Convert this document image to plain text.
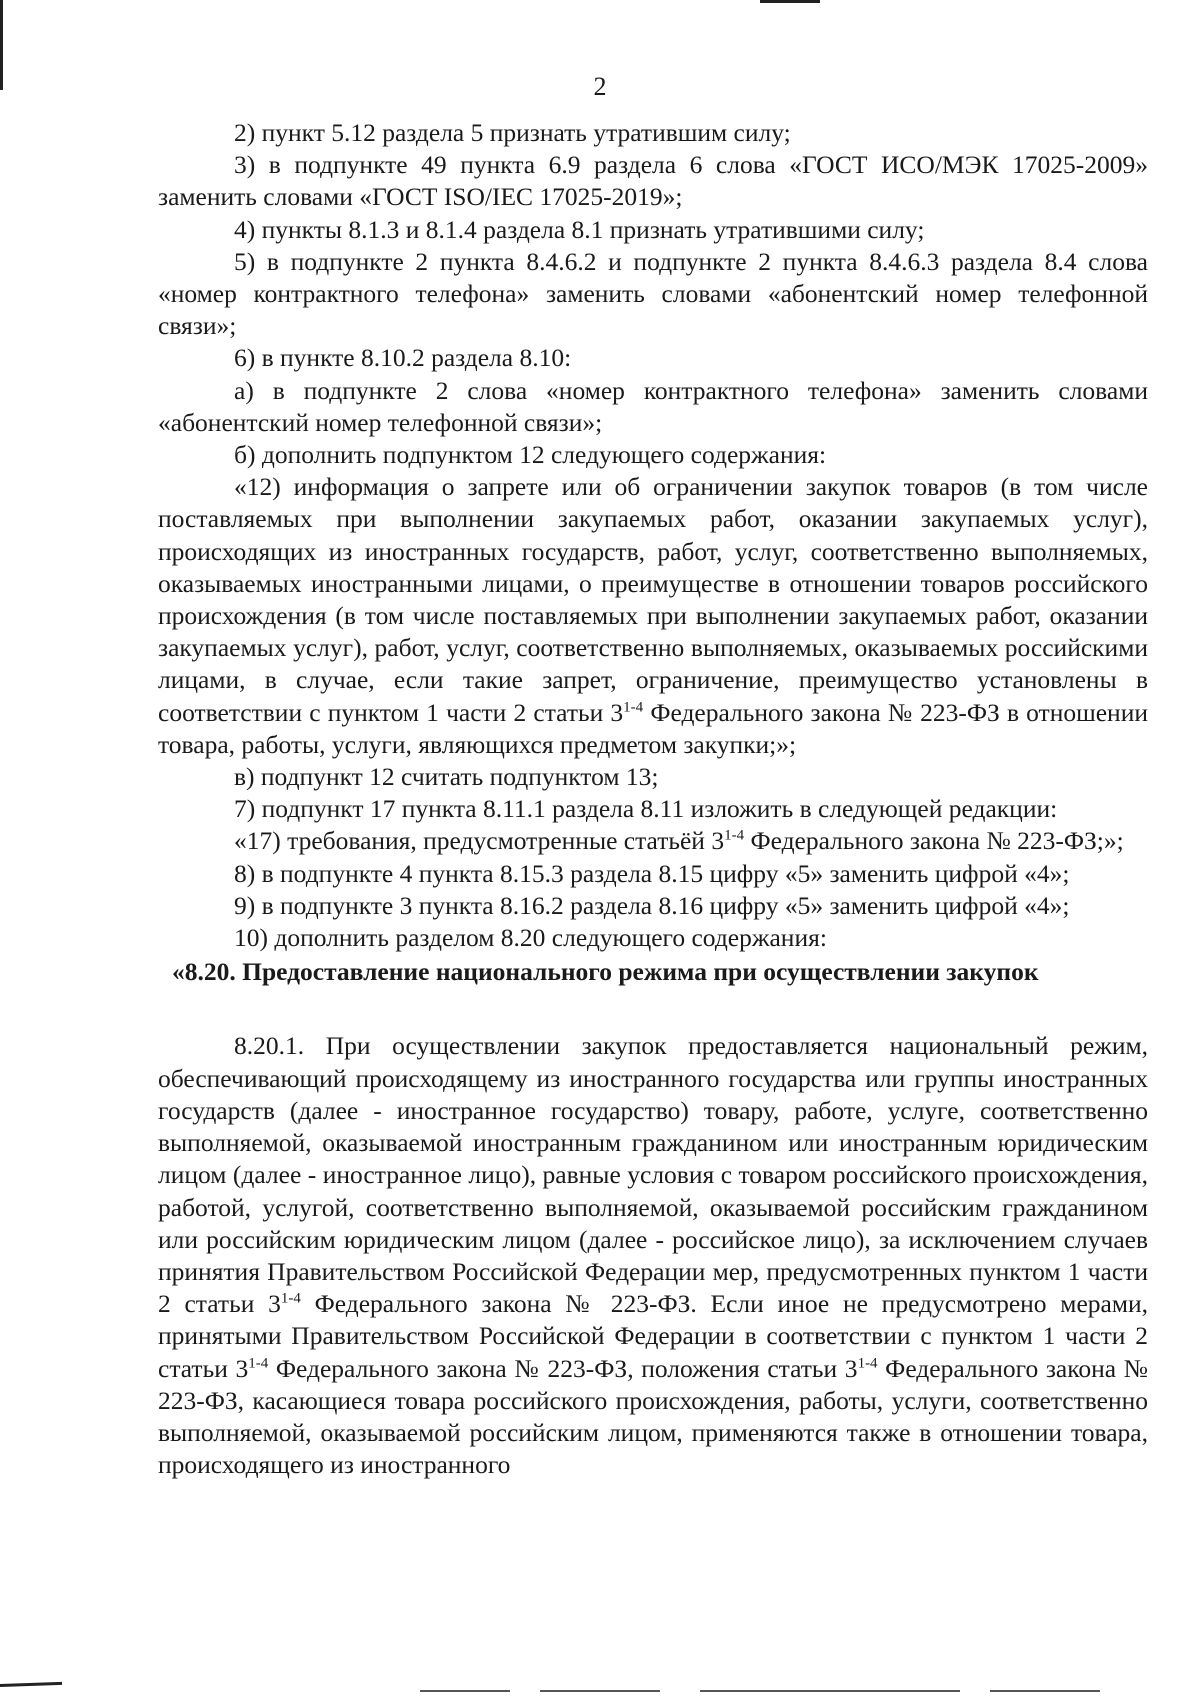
2

2) пункт 5.12 раздела 5 признать утратившим силу;

3) в подпункте 49 пункта 6.9 раздела 6 слова «ГОСТ ИСО/МЭК 17025-2009» заменить словами «ГОСТ ISO/IEC 17025-2019»;

4) пункты 8.1.3 и 8.1.4 раздела 8.1 признать утратившими силу;

5) в подпункте 2 пункта 8.4.6.2 и подпункте 2 пункта 8.4.6.3 раздела 8.4 слова «номер контрактного телефона» заменить словами «абонентский номер телефонной связи»;

6) в пункте 8.10.2 раздела 8.10:

а) в подпункте 2 слова «номер контрактного телефона» заменить словами «абонентский номер телефонной связи»;

б) дополнить подпунктом 12 следующего содержания:

«12) информация о запрете или об ограничении закупок товаров (в том числе поставляемых при выполнении закупаемых работ, оказании закупаемых услуг), происходящих из иностранных государств, работ, услуг, соответственно выполняемых, оказываемых иностранными лицами, о преимуществе в отношении товаров российского происхождения (в том числе поставляемых при выполнении закупаемых работ, оказании закупаемых услуг), работ, услуг, соответственно выполняемых, оказываемых российскими лицами, в случае, если такие запрет, ограничение, преимущество установлены в соответствии с пунктом 1 части 2 статьи 3$^{1-4}$ Федерального закона № 223-ФЗ в отношении товара, работы, услуги, являющихся предметом закупки;»;

в) подпункт 12 считать подпунктом 13;

7) подпункт 17 пункта 8.11.1 раздела 8.11 изложить в следующей редакции:

«17) требования, предусмотренные статьёй 3$^{1-4}$ Федерального закона № 223-ФЗ;»;

8) в подпункте 4 пункта 8.15.3 раздела 8.15 цифру «5» заменить цифрой «4»;

9) в подпункте 3 пункта 8.16.2 раздела 8.16 цифру «5» заменить цифрой «4»;

10) дополнить разделом 8.20 следующего содержания:

«8.20. Предоставление национального режима при осуществлении закупок

8.20.1. При осуществлении закупок предоставляется национальный режим, обеспечивающий происходящему из иностранного государства или группы иностранных государств (далее - иностранное государство) товару, работе, услуге, соответственно выполняемой, оказываемой иностранным гражданином или иностранным юридическим лицом (далее - иностранное лицо), равные условия с товаром российского происхождения, работой, услугой, соответственно выполняемой, оказываемой российским гражданином или российским юридическим лицом (далее - российское лицо), за исключением случаев принятия Правительством Российской Федерации мер, предусмотренных пунктом 1 части 2 статьи 3$^{1-4}$ Федерального закона № 223-ФЗ. Если иное не предусмотрено мерами, принятыми Правительством Российской Федерации в соответствии с пунктом 1 части 2 статьи 3$^{1-4}$ Федерального закона № 223-ФЗ, положения статьи 3$^{1-4}$ Федерального закона № 223-ФЗ, касающиеся товара российского происхождения, работы, услуги, соответственно выполняемой, оказываемой российским лицом, применяются также в отношении товара, происходящего из иностранного
